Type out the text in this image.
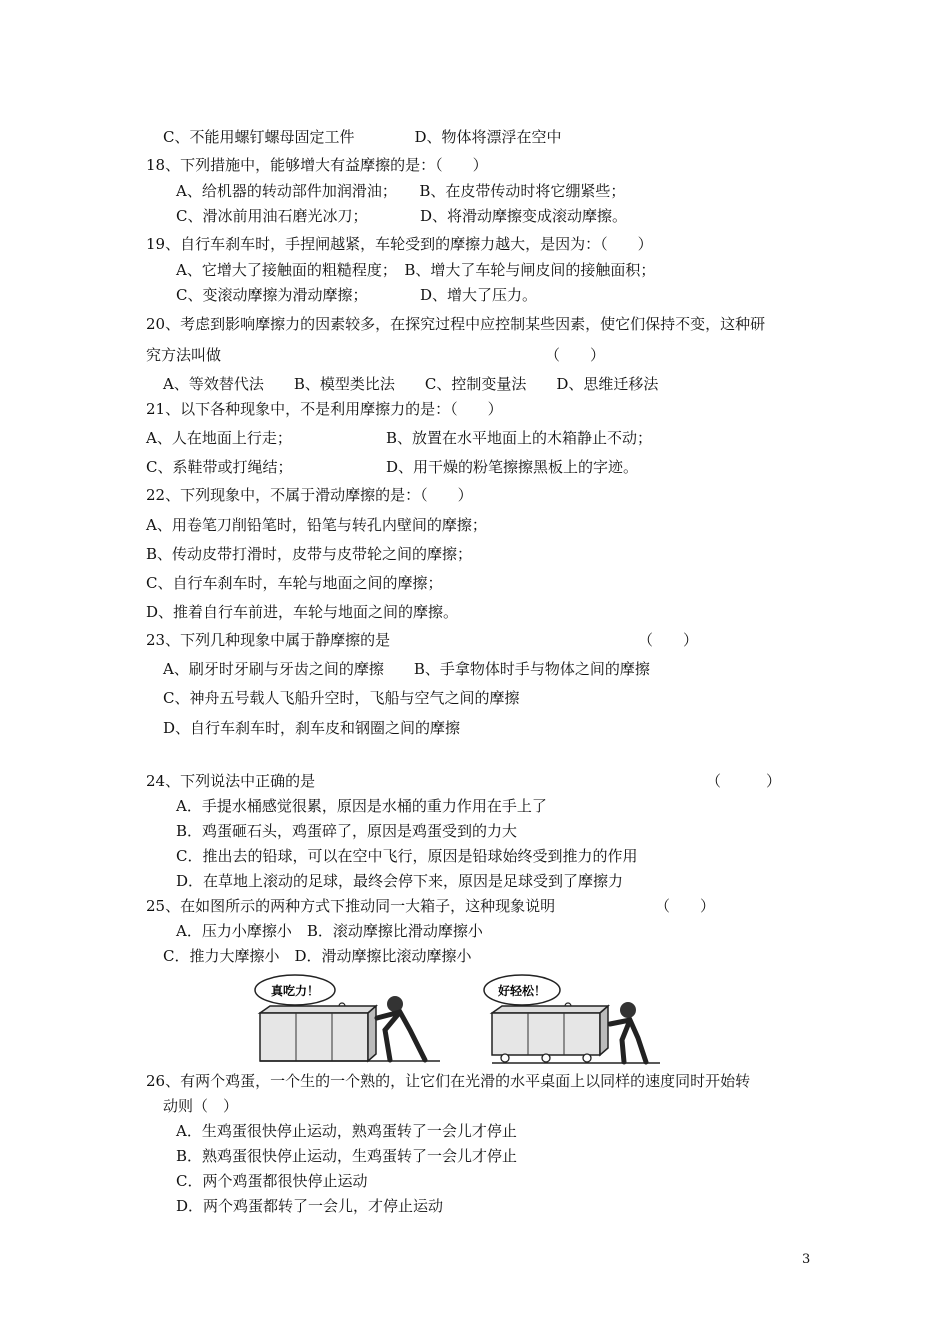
C、不能用螺钉螺母固定工件　　　　D、物体将漂浮在空中
18、下列措施中，能够增大有益摩擦的是：（　　）
A、给机器的转动部件加润滑油；　　B、在皮带传动时将它绷紧些；
C、滑冰前用油石磨光冰刀；　　　　D、将滑动摩擦变成滚动摩擦。
19、自行车刹车时，手捏闸越紧，车轮受到的摩擦力越大，是因为：（　　）
A、它增大了接触面的粗糙程度；　B、增大了车轮与闸皮间的接触面积；
C、变滚动摩擦为滑动摩擦；　　　　D、增大了压力。
20、考虑到影响摩擦力的因素较多，在探究过程中应控制某些因素，使它们保持不变，这种研
究方法叫做	（　　）
A、等效替代法　　B、模型类比法　　C、控制变量法　　D、思维迁移法
21、以下各种现象中，不是利用摩擦力的是：（　　）
A、人在地面上行走；	B、放置在水平地面上的木箱静止不动；
C、系鞋带或打绳结；	D、用干燥的粉笔擦擦黑板上的字迹。
22、下列现象中，不属于滑动摩擦的是：（　　）
A、用卷笔刀削铅笔时，铅笔与转孔内壁间的摩擦；
B、传动皮带打滑时，皮带与皮带轮之间的摩擦；
C、自行车刹车时，车轮与地面之间的摩擦；
D、推着自行车前进，车轮与地面之间的摩擦。
23、下列几种现象中属于静摩擦的是	（　　）
A、刷牙时牙刷与牙齿之间的摩擦　　B、手拿物体时手与物体之间的摩擦
C、神舟五号载人飞船升空时，飞船与空气之间的摩擦
D、自行车刹车时，刹车皮和钢圈之间的摩擦
24、下列说法中正确的是	（　　　）
A．手提水桶感觉很累，原因是水桶的重力作用在手上了
B．鸡蛋砸石头，鸡蛋碎了，原因是鸡蛋受到的力大
C．推出去的铅球，可以在空中飞行，原因是铅球始终受到推力的作用
D．在草地上滚动的足球，最终会停下来，原因是足球受到了摩擦力
25、在如图所示的两种方式下推动同一大箱子，这种现象说明	（　　）
A．压力小摩擦小　B．滚动摩擦比滑动摩擦小
C．推力大摩擦小　D．滑动摩擦比滚动摩擦小
真吃力！	好轻松！
26、有两个鸡蛋，一个生的一个熟的，让它们在光滑的水平桌面上以同样的速度同时开始转
动则（　）
A．生鸡蛋很快停止运动，熟鸡蛋转了一会儿才停止
B．熟鸡蛋很快停止运动，生鸡蛋转了一会儿才停止
C．两个鸡蛋都很快停止运动
D．两个鸡蛋都转了一会儿，才停止运动
3
